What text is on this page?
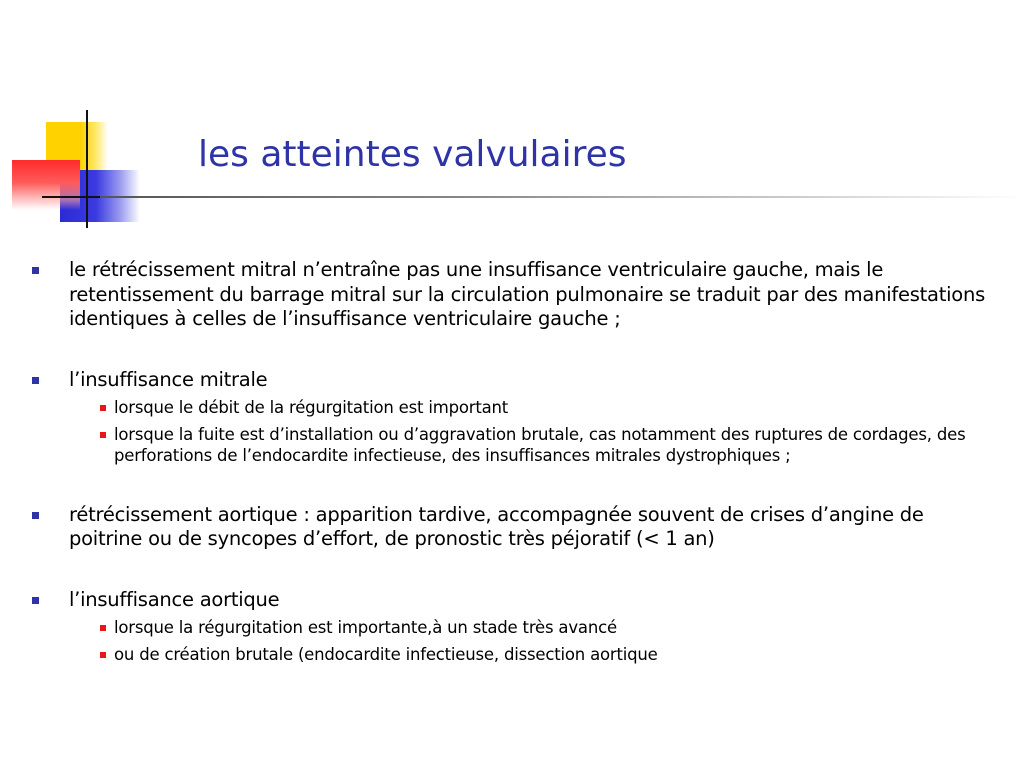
les atteintes valvulaires
le rétrécissement mitral n’entraîne pas une insuffisance ventriculaire gauche, mais le retentissement du barrage mitral sur la circulation pulmonaire se traduit par des manifestations identiques à celles de l’insuffisance ventriculaire gauche ;
l’insuffisance mitrale
lorsque le débit de la régurgitation est important
lorsque la fuite est d’installation ou d’aggravation brutale, cas notamment des ruptures de cordages, des perforations de l’endocardite infectieuse, des insuffisances mitrales dystrophiques ;
rétrécissement aortique : apparition tardive, accompagnée souvent de crises d’angine de poitrine ou de syncopes d’effort, de pronostic très péjoratif (< 1 an)
l’insuffisance aortique
lorsque la régurgitation est importante,à un stade très avancé
ou de création brutale (endocardite infectieuse, dissection aortique
